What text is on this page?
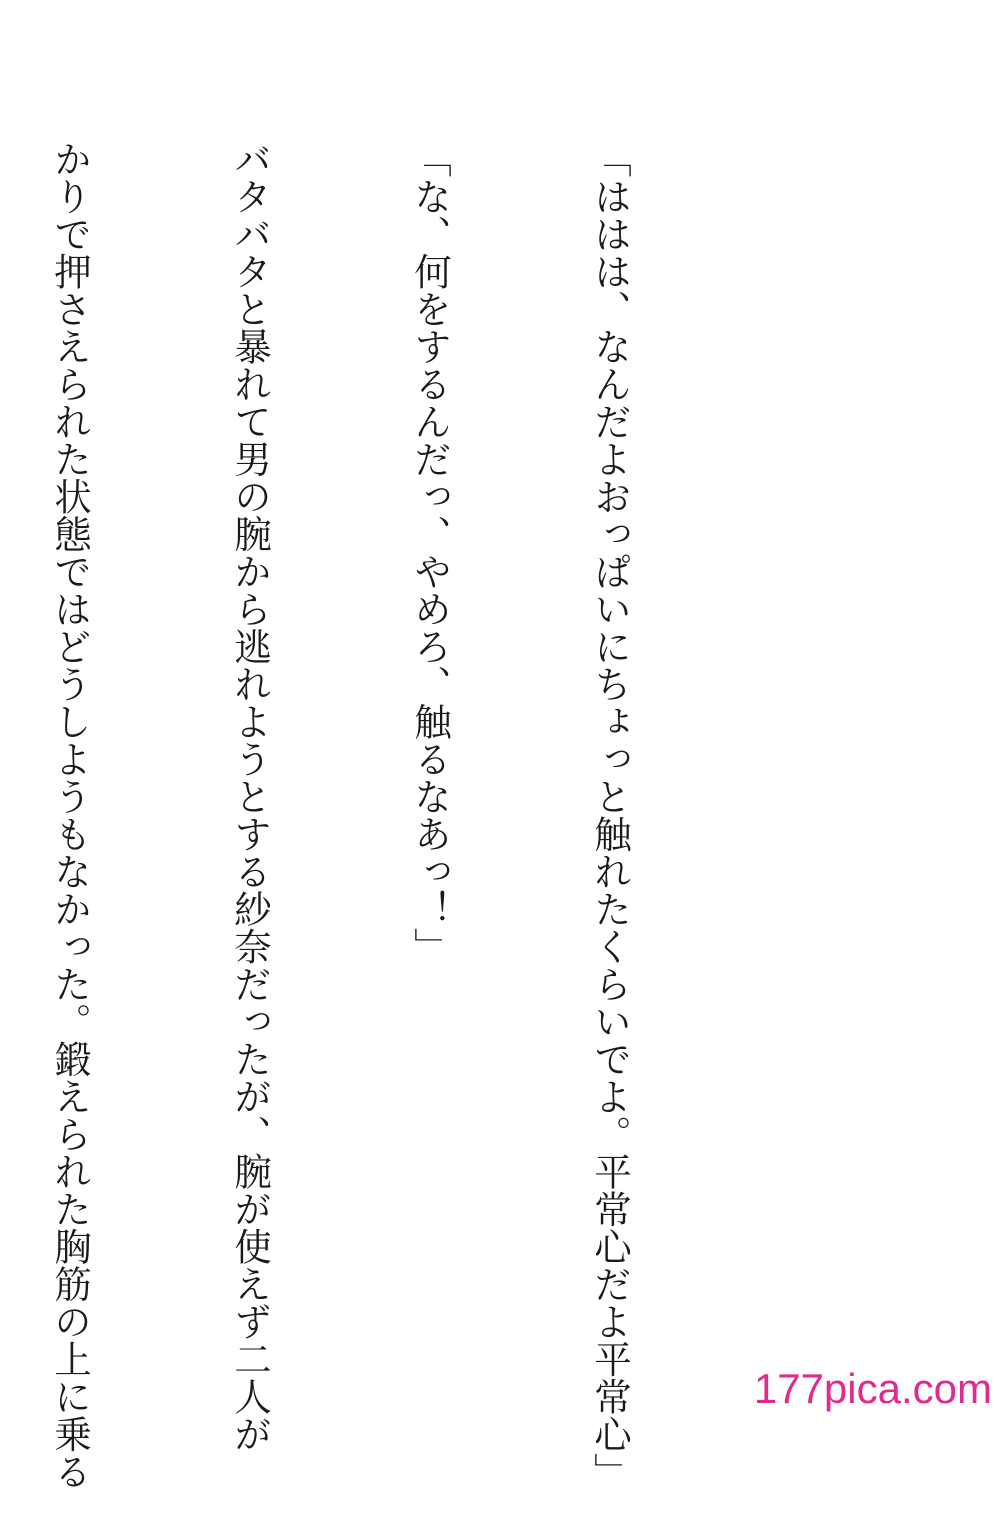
「ははは、なんだよおっぱいにちょっと触れたくらいでよ。平常心だよ平常心」

「な、何をするんだっ、やめろ、触るなあっ！」

バタバタと暴れて男の腕から逃れようとする紗奈だったが、腕が使えず二人が

かりで押さえられた状態ではどうしようもなかった。鍛えられた胸筋の上に乗る

	177pica.com
